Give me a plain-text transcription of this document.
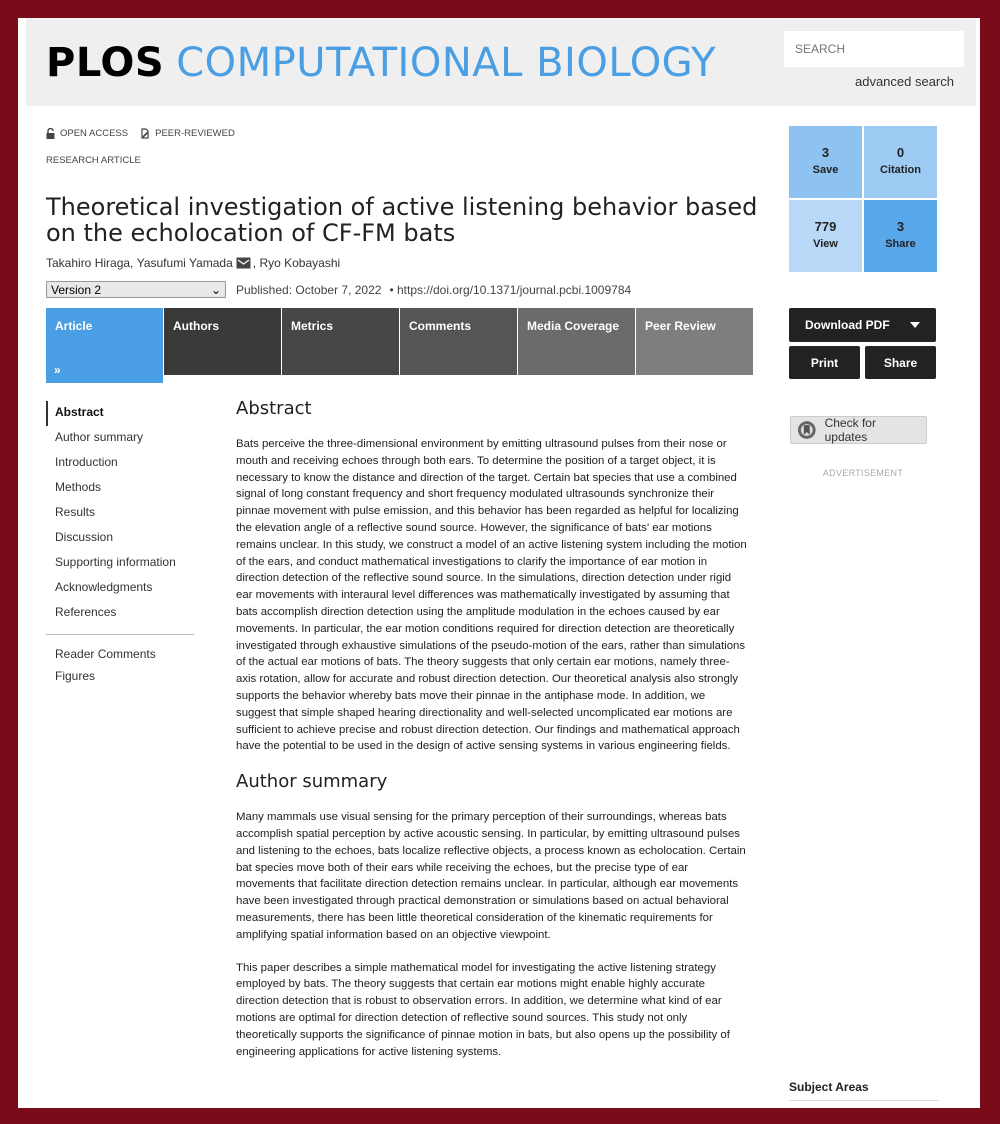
PLOS COMPUTATIONAL BIOLOGY
SEARCH	advanced search
OPEN ACCESS	PEER-REVIEWED
RESEARCH ARTICLE
Theoretical investigation of active listening behavior based on the echolocation of CF-FM bats
Takahiro Hiraga,
Yasufumi Yamada , Ryo Kobayashi
Version 2	⌄ Published: October 7, 2022 • https://doi.org/10.1371/journal.pcbi.1009784
Article
»
Authors	Metrics	Comments	Media Coverage	Peer Review
Abstract
Author summary
Introduction
Methods
Results
Discussion
Supporting information
Acknowledgments
References
Reader Comments
Figures
Abstract

Bats perceive the three-dimensional environment by emitting ultrasound pulses from their nose or mouth and receiving echoes through both ears. To determine the position of a target object, it is necessary to know the distance and direction of the target. Certain bat species that use a combined signal of long constant frequency and short frequency modulated ultrasounds synchronize their pinnae movement with pulse emission, and this behavior has been regarded as helpful for localizing the elevation angle of a reflective sound source. However, the significance of bats' ear motions remains unclear. In this study, we construct a model of an active listening system including the motion of the ears, and conduct mathematical investigations to clarify the importance of ear motion in direction detection of the reflective sound source. In the simulations, direction detection under rigid ear movements with interaural level differences was mathematically investigated by assuming that bats accomplish direction detection using the amplitude modulation in the echoes caused by ear movements. In particular, the ear motion conditions required for direction detection are theoretically investigated through exhaustive simulations of the pseudo-motion of the ears, rather than simulations of the actual ear motions of bats. The theory suggests that only certain ear motions, namely three-axis rotation, allow for accurate and robust direction detection. Our theoretical analysis also strongly supports the behavior whereby bats move their pinnae in the antiphase mode. In addition, we suggest that simple shaped hearing directionality and well-selected uncomplicated ear motions are sufficient to achieve precise and robust direction detection. Our findings and mathematical approach have the potential to be used in the design of active sensing systems in various engineering fields.

Author summary

Many mammals use visual sensing for the primary perception of their surroundings, whereas bats accomplish spatial perception by active acoustic sensing. In particular, by emitting ultrasound pulses and listening to the echoes, bats localize reflective objects, a process known as echolocation. Certain bat species move both of their ears while receiving the echoes, but the precise type of ear movements that facilitate direction detection remains unclear. In particular, although ear movements have been investigated through practical demonstration or simulations based on actual behavioral measurements, there has been little theoretical consideration of the kinematic requirements for amplifying spatial information based on an objective viewpoint.

This paper describes a simple mathematical model for investigating the active listening strategy employed by bats. The theory suggests that certain ear motions might enable highly accurate direction detection that is robust to observation errors. In addition, we determine what kind of ear motions are optimal for direction detection of reflective sound sources. This study not only theoretically supports the significance of pinnae motion in bats, but also opens up the possibility of engineering applications for active listening systems.

3
Save
0
Citation
779
View
3
Share
Download PDF
Print	Share
Check for updates
ADVERTISEMENT
Subject Areas
